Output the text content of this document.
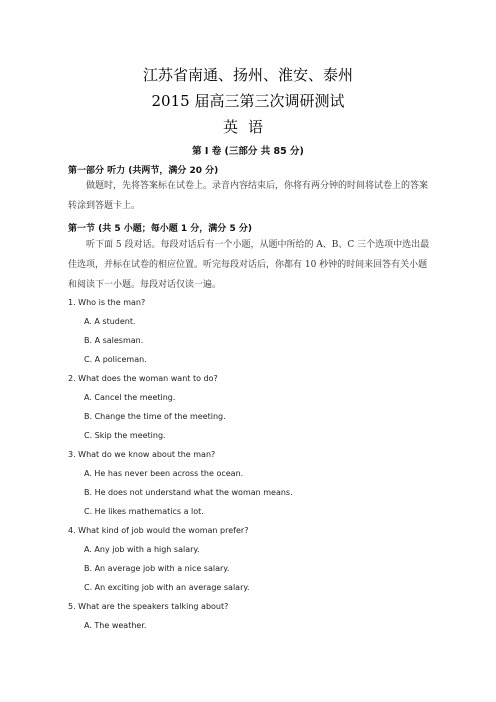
江苏省南通、扬州、淮安、泰州
2015 届高三第三次调研测试
英语
第 I 卷 (三部分 共 85 分)
第一部分 听力 (共两节，满分 20 分)

做题时，先将答案标在试卷上。录音内容结束后，你将有两分钟的时间将试卷上的答案转涂到答题卡上。

第一节 (共 5 小题；每小题 1 分，满分 5 分)

听下面 5 段对话。每段对话后有一个小题，从题中所给的 A、B、C 三个选项中选出最佳选项，并标在试卷的相应位置。听完每段对话后，你都有 10 秒钟的时间来回答有关小题和阅读下一小题。每段对话仅读一遍。

1. Who is the man?
A. A student.
B. A salesman.
C. A policeman.
2. What does the woman want to do?
A. Cancel the meeting.
B. Change the time of the meeting.
C. Skip the meeting.
3. What do we know about the man?
A. He has never been across the ocean.
B. He does not understand what the woman means.
C. He likes mathematics a lot.
4. What kind of job would the woman prefer?
A. Any job with a high salary.
B. An average job with a nice salary.
C. An exciting job with an average salary.
5. What are the speakers talking about?
A. The weather.
